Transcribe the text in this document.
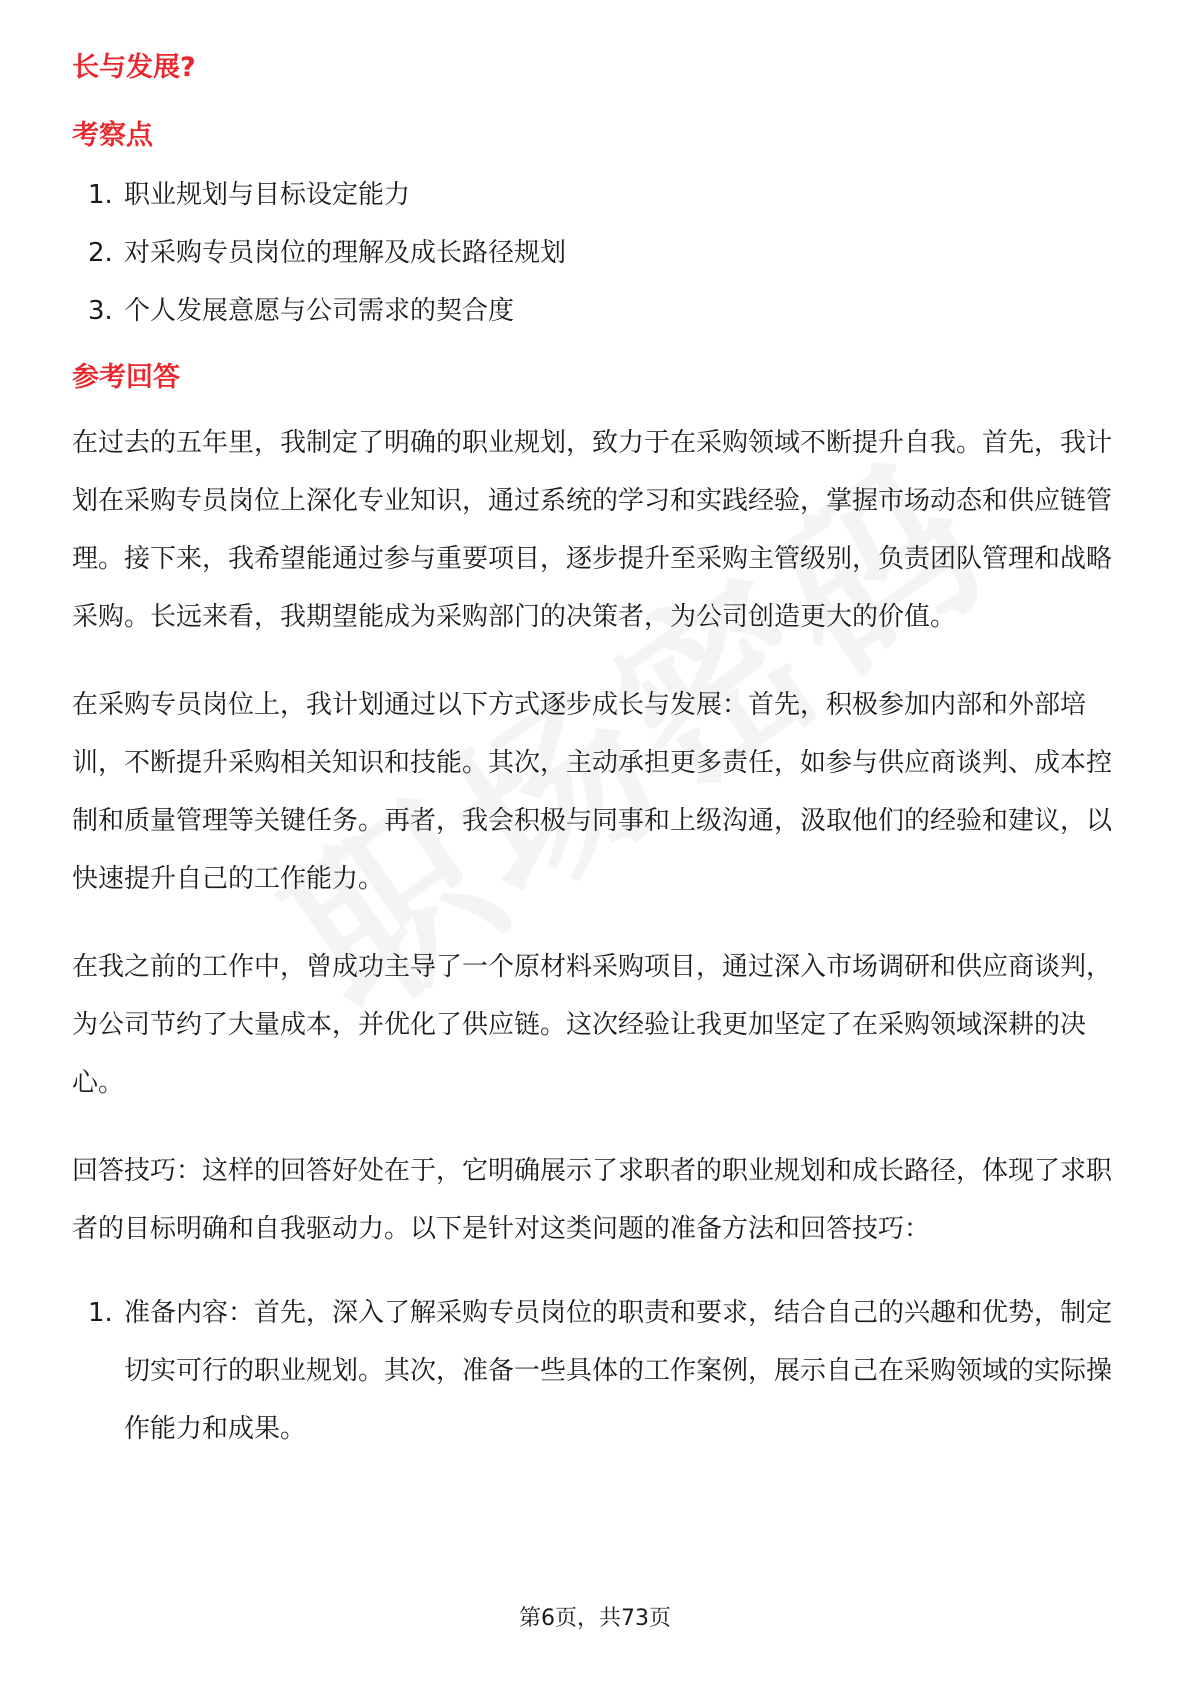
长与发展?
考察点
1. 职业规划与目标设定能力
2. 对采购专员岗位的理解及成长路径规划
3. 个人发展意愿与公司需求的契合度
参考回答

在过去的五年里，我制定了明确的职业规划，致力于在采购领域不断提升自我。首先，我计划在采购专员岗位上深化专业知识，通过系统的学习和实践经验，掌握市场动态和供应链管理。接下来，我希望能通过参与重要项目，逐步提升至采购主管级别，负责团队管理和战略采购。长远来看，我期望能成为采购部门的决策者，为公司创造更大的价值。

在采购专员岗位上，我计划通过以下方式逐步成长与发展：首先，积极参加内部和外部培训，不断提升采购相关知识和技能。其次，主动承担更多责任，如参与供应商谈判、成本控制和质量管理等关键任务。再者，我会积极与同事和上级沟通，汲取他们的经验和建议，以快速提升自己的工作能力。

在我之前的工作中，曾成功主导了一个原材料采购项目，通过深入市场调研和供应商谈判，为公司节约了大量成本，并优化了供应链。这次经验让我更加坚定了在采购领域深耕的决心。

回答技巧：这样的回答好处在于，它明确展示了求职者的职业规划和成长路径，体现了求职者的目标明确和自我驱动力。以下是针对这类问题的准备方法和回答技巧：

1. 准备内容：首先，深入了解采购专员岗位的职责和要求，结合自己的兴趣和优势，制定切实可行的职业规划。其次，准备一些具体的工作案例，展示自己在采购领域的实际操作能力和成果。
第6页，共73页
